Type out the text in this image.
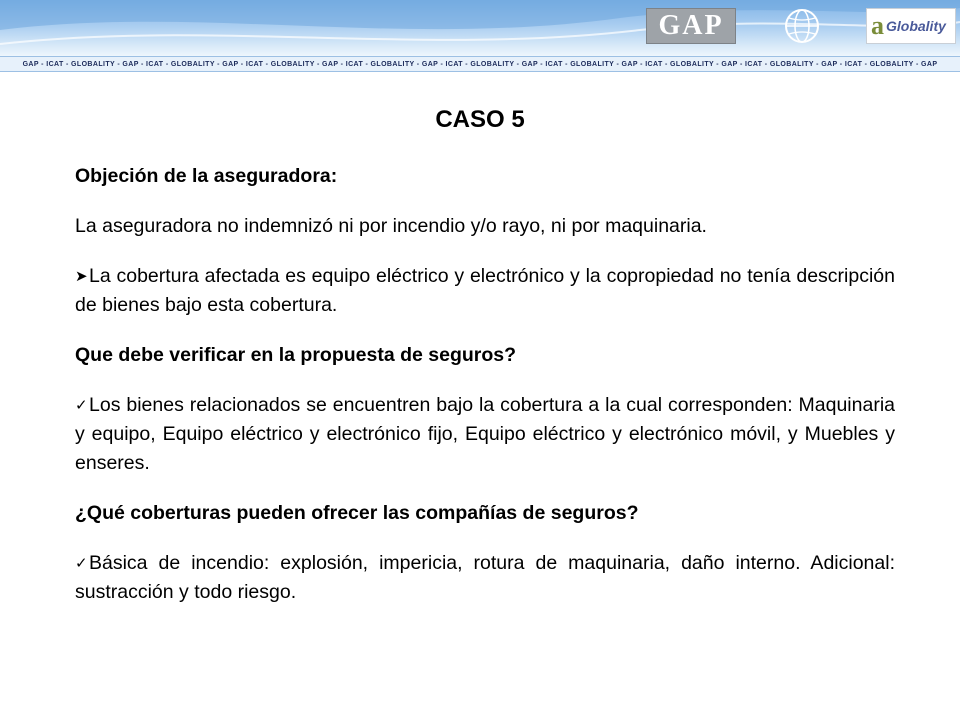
GAP	a Globality
GAP - ICAT - GLOBALITY - GAP - ICAT - GLOBALITY - GAP - ICAT - GLOBALITY - GAP - ICAT - GLOBALITY - GAP - ICAT - GLOBALITY - GAP - ICAT - GLOBALITY - GAP - ICAT - GLOBALITY - GAP - ICAT - GLOBALITY - GAP - ICAT - GLOBALITY - GAP
CASO 5

Objeción de la aseguradora:

La aseguradora no indemnizó ni por incendio y/o rayo, ni por maquinaria.

➤La cobertura afectada es equipo eléctrico y electrónico y la copropiedad no tenía descripción de bienes bajo esta cobertura.

Que debe verificar en la propuesta de seguros?

✓Los bienes relacionados se encuentren bajo la cobertura a la cual corresponden: Maquinaria y equipo, Equipo eléctrico y electrónico fijo, Equipo eléctrico y electrónico móvil, y Muebles y enseres.

¿Qué coberturas pueden ofrecer las compañías de seguros?

✓Básica de incendio: explosión, impericia, rotura de maquinaria, daño interno. Adicional: sustracción y todo riesgo.
